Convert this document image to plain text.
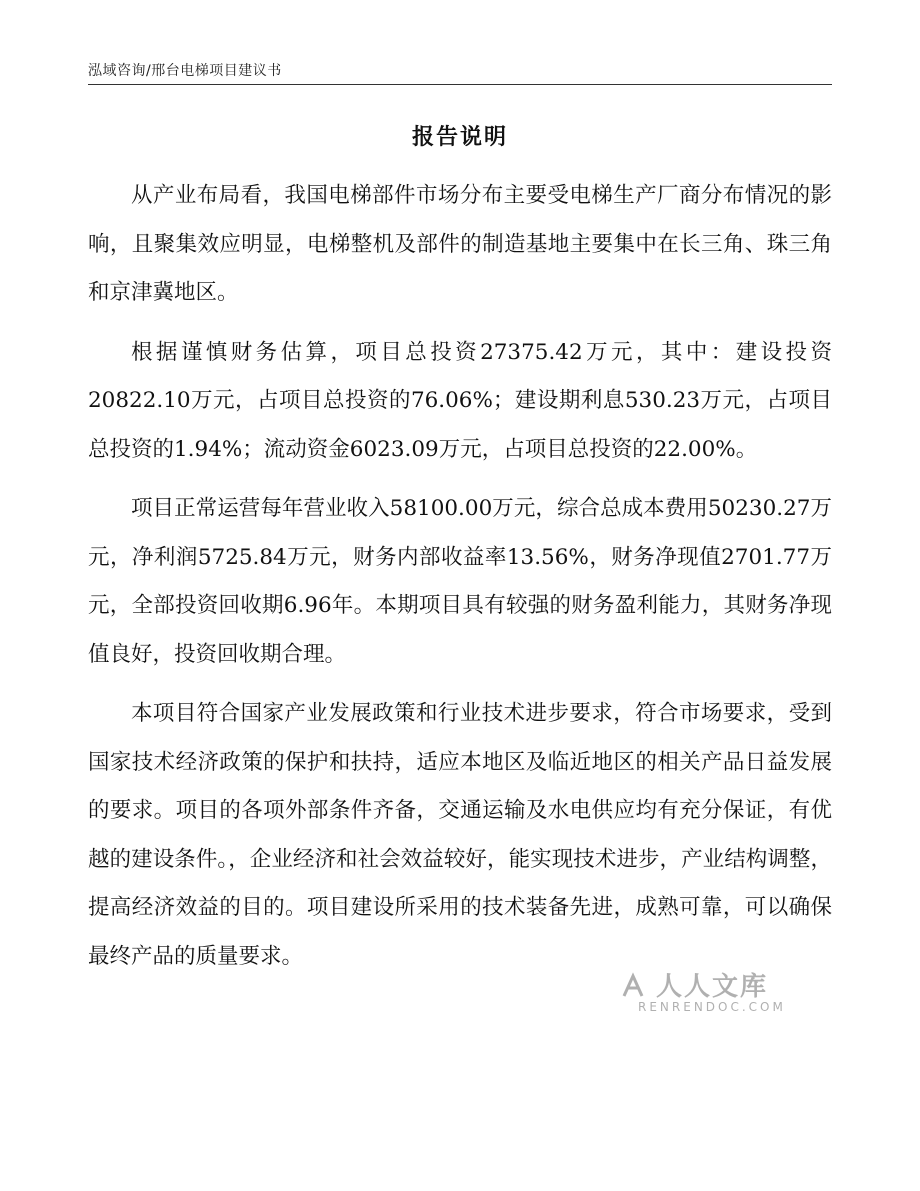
泓域咨询/邢台电梯项目建议书
报告说明

从产业布局看，我国电梯部件市场分布主要受电梯生产厂商分布情况的影响，且聚集效应明显，电梯整机及部件的制造基地主要集中在长三角、珠三角和京津冀地区。

根据谨慎财务估算，项目总投资27375.42万元，其中：建设投资20822.10万元，占项目总投资的76.06%；建设期利息530.23万元，占项目总投资的1.94%；流动资金6023.09万元，占项目总投资的22.00%。

项目正常运营每年营业收入58100.00万元，综合总成本费用50230.27万元，净利润5725.84万元，财务内部收益率13.56%，财务净现值2701.77万元，全部投资回收期6.96年。本期项目具有较强的财务盈利能力，其财务净现值良好，投资回收期合理。

本项目符合国家产业发展政策和行业技术进步要求，符合市场要求，受到国家技术经济政策的保护和扶持，适应本地区及临近地区的相关产品日益发展的要求。项目的各项外部条件齐备，交通运输及水电供应均有充分保证，有优越的建设条件。，企业经济和社会效益较好，能实现技术进步，产业结构调整，提高经济效益的目的。项目建设所采用的技术装备先进，成熟可靠，可以确保最终产品的质量要求。

人人文库
RENRENDOC.COM
